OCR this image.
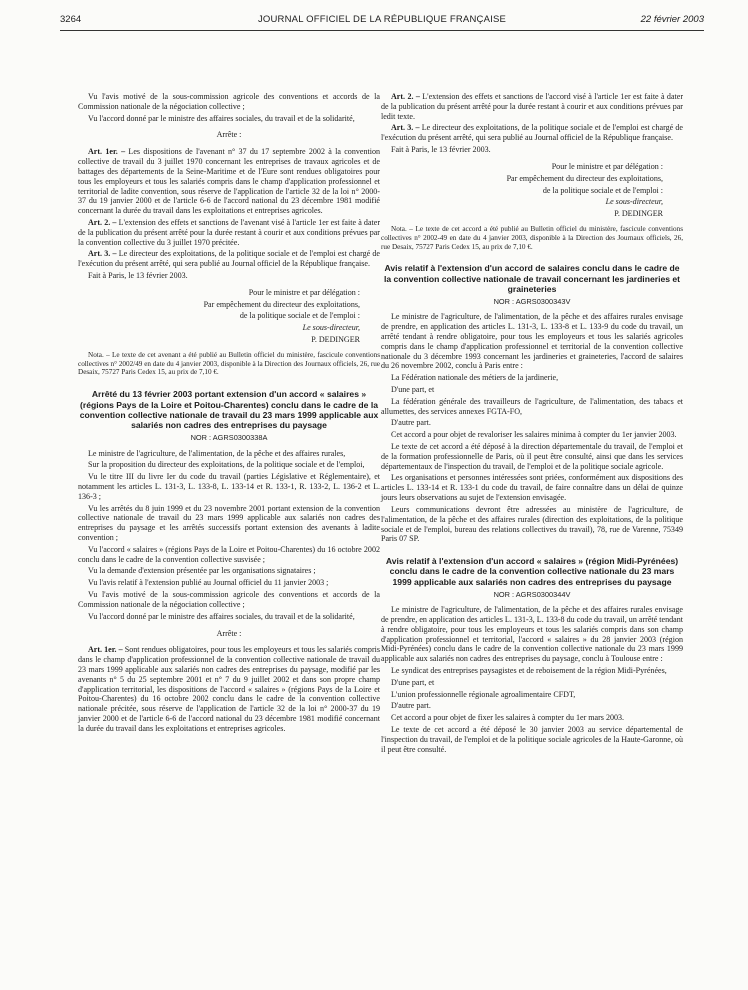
3264	JOURNAL OFFICIEL DE LA RÉPUBLIQUE FRANÇAISE	22 février 2003

Vu l'avis motivé de la sous-commission agricole des conventions et accords de la Commission nationale de la négociation collective ;

Vu l'accord donné par le ministre des affaires sociales, du travail et de la solidarité,

Arrête :

Art. 1er. – Les dispositions de l'avenant n° 37 du 17 septembre 2002 à la convention collective de travail du 3 juillet 1970 concernant les entreprises de travaux agricoles et de battages des départements de la Seine-Maritime et de l'Eure sont rendues obligatoires pour tous les employeurs et tous les salariés compris dans le champ d'application professionnel et territorial de ladite convention, sous réserve de l'application de l'article 32 de la loi n° 2000-37 du 19 janvier 2000 et de l'article 6-6 de l'accord national du 23 décembre 1981 modifié concernant la durée du travail dans les exploitations et entreprises agricoles.

Art. 2. – L'extension des effets et sanctions de l'avenant visé à l'article 1er est faite à dater de la publication du présent arrêté pour la durée restant à courir et aux conditions prévues par la convention collective du 3 juillet 1970 précitée.

Art. 3. – Le directeur des exploitations, de la politique sociale et de l'emploi est chargé de l'exécution du présent arrêté, qui sera publié au Journal officiel de la République française.

Fait à Paris, le 13 février 2003.

Pour le ministre et par délégation :

Par empêchement du directeur des exploitations,

de la politique sociale et de l'emploi :

Le sous-directeur,

P. DEDINGER

Nota. – Le texte de cet avenant a été publié au Bulletin officiel du ministère, fascicule conventions collectives n° 2002/49 en date du 4 janvier 2003, disponible à la Direction des Journaux officiels, 26, rue Desaix, 75727 Paris Cedex 15, au prix de 7,10 €.

Arrêté du 13 février 2003 portant extension d'un accord « salaires » (régions Pays de la Loire et Poitou-Charentes) conclu dans le cadre de la convention collective nationale de travail du 23 mars 1999 applicable aux salariés non cadres des entreprises du paysage

NOR : AGRS0300338A

Le ministre de l'agriculture, de l'alimentation, de la pêche et des affaires rurales,

Sur la proposition du directeur des exploitations, de la politique sociale et de l'emploi,

Vu le titre III du livre Ier du code du travail (parties Législative et Réglementaire), et notamment les articles L. 131-3, L. 133-8, L. 133-14 et R. 133-1, R. 133-2, L. 136-2 et L. 136-3 ;

Vu les arrêtés du 8 juin 1999 et du 23 novembre 2001 portant extension de la convention collective nationale de travail du 23 mars 1999 applicable aux salariés non cadres des entreprises du paysage et les arrêtés successifs portant extension des avenants à ladite convention ;

Vu l'accord « salaires » (régions Pays de la Loire et Poitou-Charentes) du 16 octobre 2002 conclu dans le cadre de la convention collective susvisée ;

Vu la demande d'extension présentée par les organisations signataires ;

Vu l'avis relatif à l'extension publié au Journal officiel du 11 janvier 2003 ;

Vu l'avis motivé de la sous-commission agricole des conventions et accords de la Commission nationale de la négociation collective ;

Vu l'accord donné par le ministre des affaires sociales, du travail et de la solidarité,

Arrête :

Art. 1er. – Sont rendues obligatoires, pour tous les employeurs et tous les salariés compris dans le champ d'application professionnel de la convention collective nationale de travail du 23 mars 1999 applicable aux salariés non cadres des entreprises du paysage, modifié par les avenants n° 5 du 25 septembre 2001 et n° 7 du 9 juillet 2002 et dans son propre champ d'application territorial, les dispositions de l'accord « salaires » (régions Pays de la Loire et Poitou-Charentes) du 16 octobre 2002 conclu dans le cadre de la convention collective nationale précitée, sous réserve de l'application de l'article 32 de la loi n° 2000-37 du 19 janvier 2000 et de l'article 6-6 de l'accord national du 23 décembre 1981 modifié concernant la durée du travail dans les exploitations et entreprises agricoles.

Art. 2. – L'extension des effets et sanctions de l'accord visé à l'article 1er est faite à dater de la publication du présent arrêté pour la durée restant à courir et aux conditions prévues par ledit texte.

Art. 3. – Le directeur des exploitations, de la politique sociale et de l'emploi est chargé de l'exécution du présent arrêté, qui sera publié au Journal officiel de la République française.

Fait à Paris, le 13 février 2003.

Pour le ministre et par délégation :

Par empêchement du directeur des exploitations,

de la politique sociale et de l'emploi :

Le sous-directeur,

P. DEDINGER

Nota. – Le texte de cet accord a été publié au Bulletin officiel du ministère, fascicule conventions collectives n° 2002-49 en date du 4 janvier 2003, disponible à la Direction des Journaux officiels, 26, rue Desaix, 75727 Paris Cedex 15, au prix de 7,10 €.

Avis relatif à l'extension d'un accord de salaires conclu dans le cadre de la convention collective nationale de travail concernant les jardineries et graineteries

NOR : AGRS0300343V

Le ministre de l'agriculture, de l'alimentation, de la pêche et des affaires rurales envisage de prendre, en application des articles L. 131-3, L. 133-8 et L. 133-9 du code du travail, un arrêté tendant à rendre obligatoire, pour tous les employeurs et tous les salariés agricoles compris dans le champ d'application professionnel et territorial de la convention collective nationale du 3 décembre 1993 concernant les jardineries et graineteries, l'accord de salaires du 26 novembre 2002, conclu à Paris entre :

La Fédération nationale des métiers de la jardinerie,

D'une part, et

La fédération générale des travailleurs de l'agriculture, de l'alimentation, des tabacs et allumettes, des services annexes FGTA-FO,

D'autre part.

Cet accord a pour objet de revaloriser les salaires minima à compter du 1er janvier 2003.

Le texte de cet accord a été déposé à la direction départementale du travail, de l'emploi et de la formation professionnelle de Paris, où il peut être consulté, ainsi que dans les services départementaux de l'inspection du travail, de l'emploi et de la politique sociale agricole.

Les organisations et personnes intéressées sont priées, conformément aux dispositions des articles L. 133-14 et R. 133-1 du code du travail, de faire connaître dans un délai de quinze jours leurs observations au sujet de l'extension envisagée.

Leurs communications devront être adressées au ministère de l'agriculture, de l'alimentation, de la pêche et des affaires rurales (direction des exploitations, de la politique sociale et de l'emploi, bureau des relations collectives du travail), 78, rue de Varenne, 75349 Paris 07 SP.

Avis relatif à l'extension d'un accord « salaires » (région Midi-Pyrénées) conclu dans le cadre de la convention collective nationale du 23 mars 1999 applicable aux salariés non cadres des entreprises du paysage

NOR : AGRS0300344V

Le ministre de l'agriculture, de l'alimentation, de la pêche et des affaires rurales envisage de prendre, en application des articles L. 131-3, L. 133-8 du code du travail, un arrêté tendant à rendre obligatoire, pour tous les employeurs et tous les salariés compris dans son champ d'application professionnel et territorial, l'accord « salaires » du 28 janvier 2003 (région Midi-Pyrénées) conclu dans le cadre de la convention collective nationale du 23 mars 1999 applicable aux salariés non cadres des entreprises du paysage, conclu à Toulouse entre :

Le syndicat des entreprises paysagistes et de reboisement de la région Midi-Pyrénées,

D'une part, et

L'union professionnelle régionale agroalimentaire CFDT,

D'autre part.

Cet accord a pour objet de fixer les salaires à compter du 1er mars 2003.

Le texte de cet accord a été déposé le 30 janvier 2003 au service départemental de l'inspection du travail, de l'emploi et de la politique sociale agricoles de la Haute-Garonne, où il peut être consulté.
